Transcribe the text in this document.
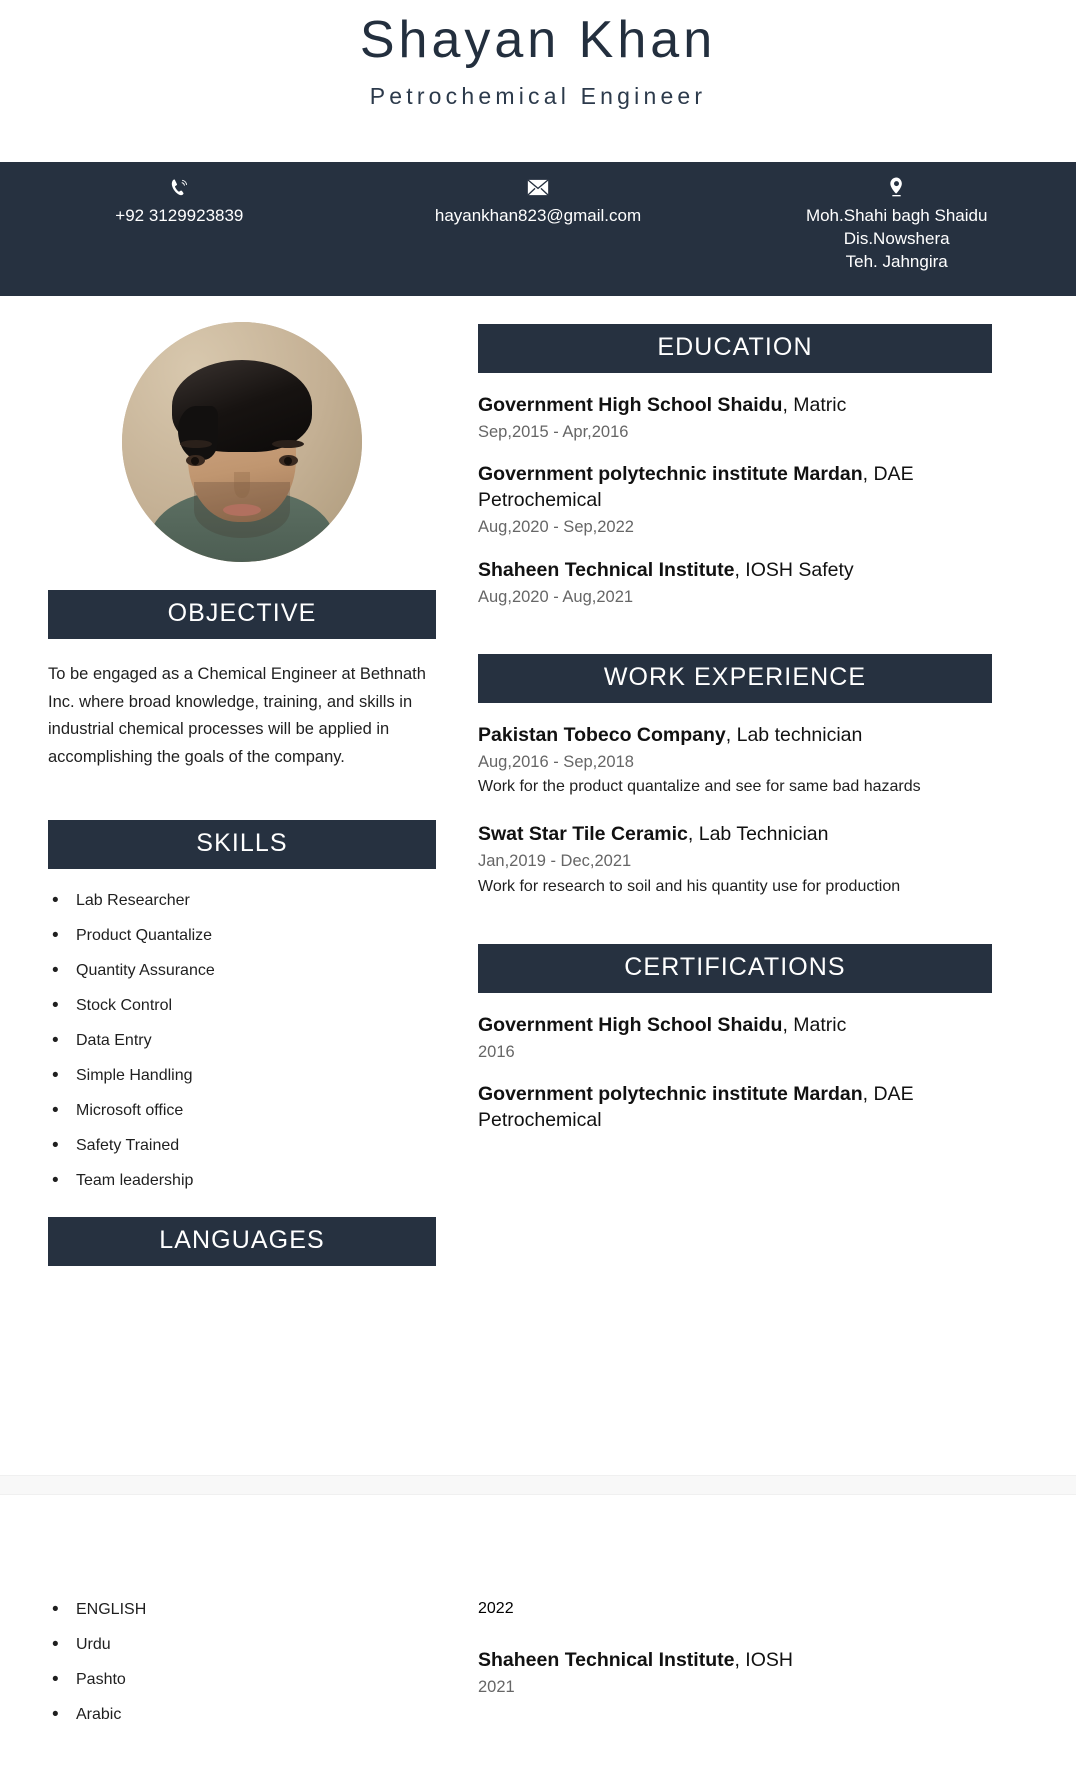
Shayan Khan
Petrochemical Engineer
+92 3129923839	hayankhan823@gmail.com	Moh.Shahi bagh Shaidu
Dis.Nowshera
Teh. Jahngira
OBJECTIVE
To be engaged as a Chemical Engineer at Bethnath Inc. where broad knowledge, training, and skills in industrial chemical processes will be applied in accomplishing the goals of the company.
SKILLS
• Lab Researcher
• Product Quantalize
• Quantity Assurance
• Stock Control
• Data Entry
• Simple Handling
• Microsoft office
• Safety Trained
• Team leadership
LANGUAGES
EDUCATION
Government High School Shaidu, Matric
Sep,2015 - Apr,2016
Government polytechnic institute Mardan, DAE Petrochemical
Aug,2020 - Sep,2022
Shaheen Technical Institute, IOSH Safety
Aug,2020 - Aug,2021
WORK EXPERIENCE
Pakistan Tobeco Company, Lab technician
Aug,2016 - Sep,2018
Work for the product quantalize and see for same bad hazards
Swat Star Tile Ceramic, Lab Technician
Jan,2019 - Dec,2021
Work for research to soil and his quantity use for production
CERTIFICATIONS
Government High School Shaidu, Matric
2016
Government polytechnic institute Mardan, DAE Petrochemical
• ENGLISH
• Urdu
• Pashto
• Arabic
2022
Shaheen Technical Institute, IOSH
2021
